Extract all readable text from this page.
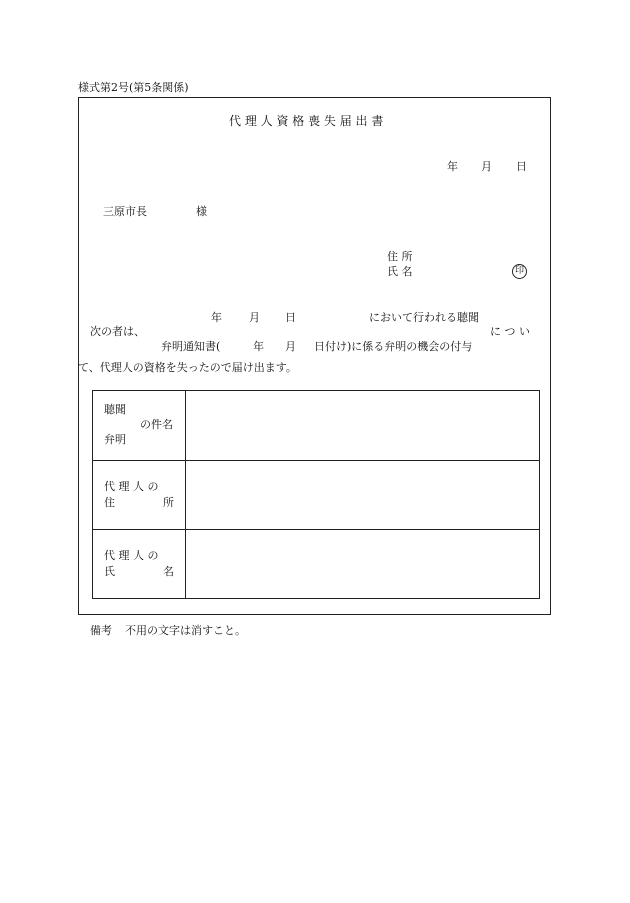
様式第2号(第5条関係)
代 理 人 資 格 喪 失 届 出 書
年 月 日
三原市長	様
住 所
氏 名	印
年 月 日	において行われる聴聞
次の者は、	に つ い
弁明通知書(	年 月 日付け)に係る弁明の機会の付与
て、代理人の資格を失ったので届け出ます。
聴聞
の件名
弁明
代 理 人 の
住	所
代 理 人 の
氏	名
備考 不用の文字は消すこと。
